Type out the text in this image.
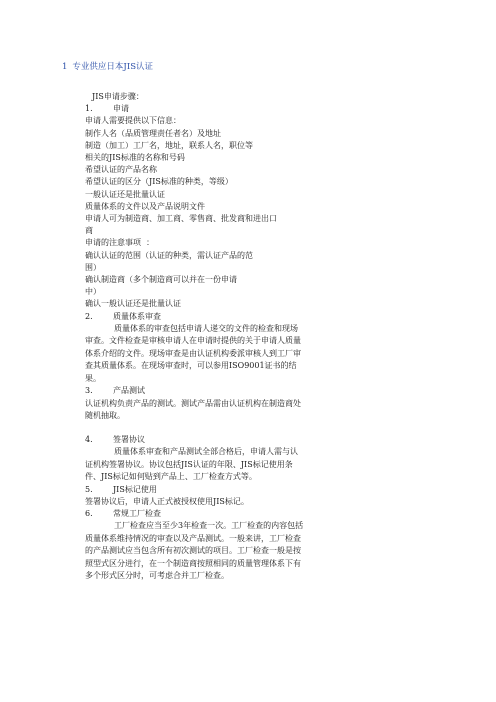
1 专业供应日本JIS认证
JIS申请步骤：
1.        申请
申请人需要提供以下信息：
制作人名（品质管理责任者名）及地址
制造（加工）工厂名，地址，联系人名，职位等
相关的JIS标准的名称和号码
希望认证的产品名称
希望认证的区分（JIS标准的种类，等级）
一般认证还是批量认证
质量体系的文件以及产品说明文件
申请人可为制造商、加工商、零售商、批发商和进出口
商
申请的注意事项  ：
确认认证的范围（认证的种类，需认证产品的范
围）
确认制造商（多个制造商可以并在一份申请
中）
确认一般认证还是批量认证
2.        质量体系审查
质量体系的审查包括申请人递交的文件的检查和现场审查。文件检查是审核申请人在申请时提供的关于申请人质量体系介绍的文件。现场审查是由认证机构委派审核人到工厂审查其质量体系。在现场审查时，可以参用ISO9001证书的结果。
3.        产品测试
认证机构负责产品的测试。测试产品需由认证机构在制造商处随机抽取。
4.        签署协议
质量体系审查和产品测试全部合格后，申请人需与认证机构签署协议。协议包括JIS认证的年限、JIS标记使用条件、JIS标记如何贴到产品上、工厂检查方式等。
5.        JIS标记使用
签署协议后，申请人正式被授权使用JIS标记。
6.        常规工厂检查
工厂检查应当至少3年检查一次。工厂检查的内容包括质量体系维持情况的审查以及产品测试。一般来讲，工厂检查的产品测试应当包含所有初次测试的项目。工厂检查一般是按照型式区分进行，在一个制造商按照相同的质量管理体系下有多个形式区分时，可考虑合并工厂检查。
